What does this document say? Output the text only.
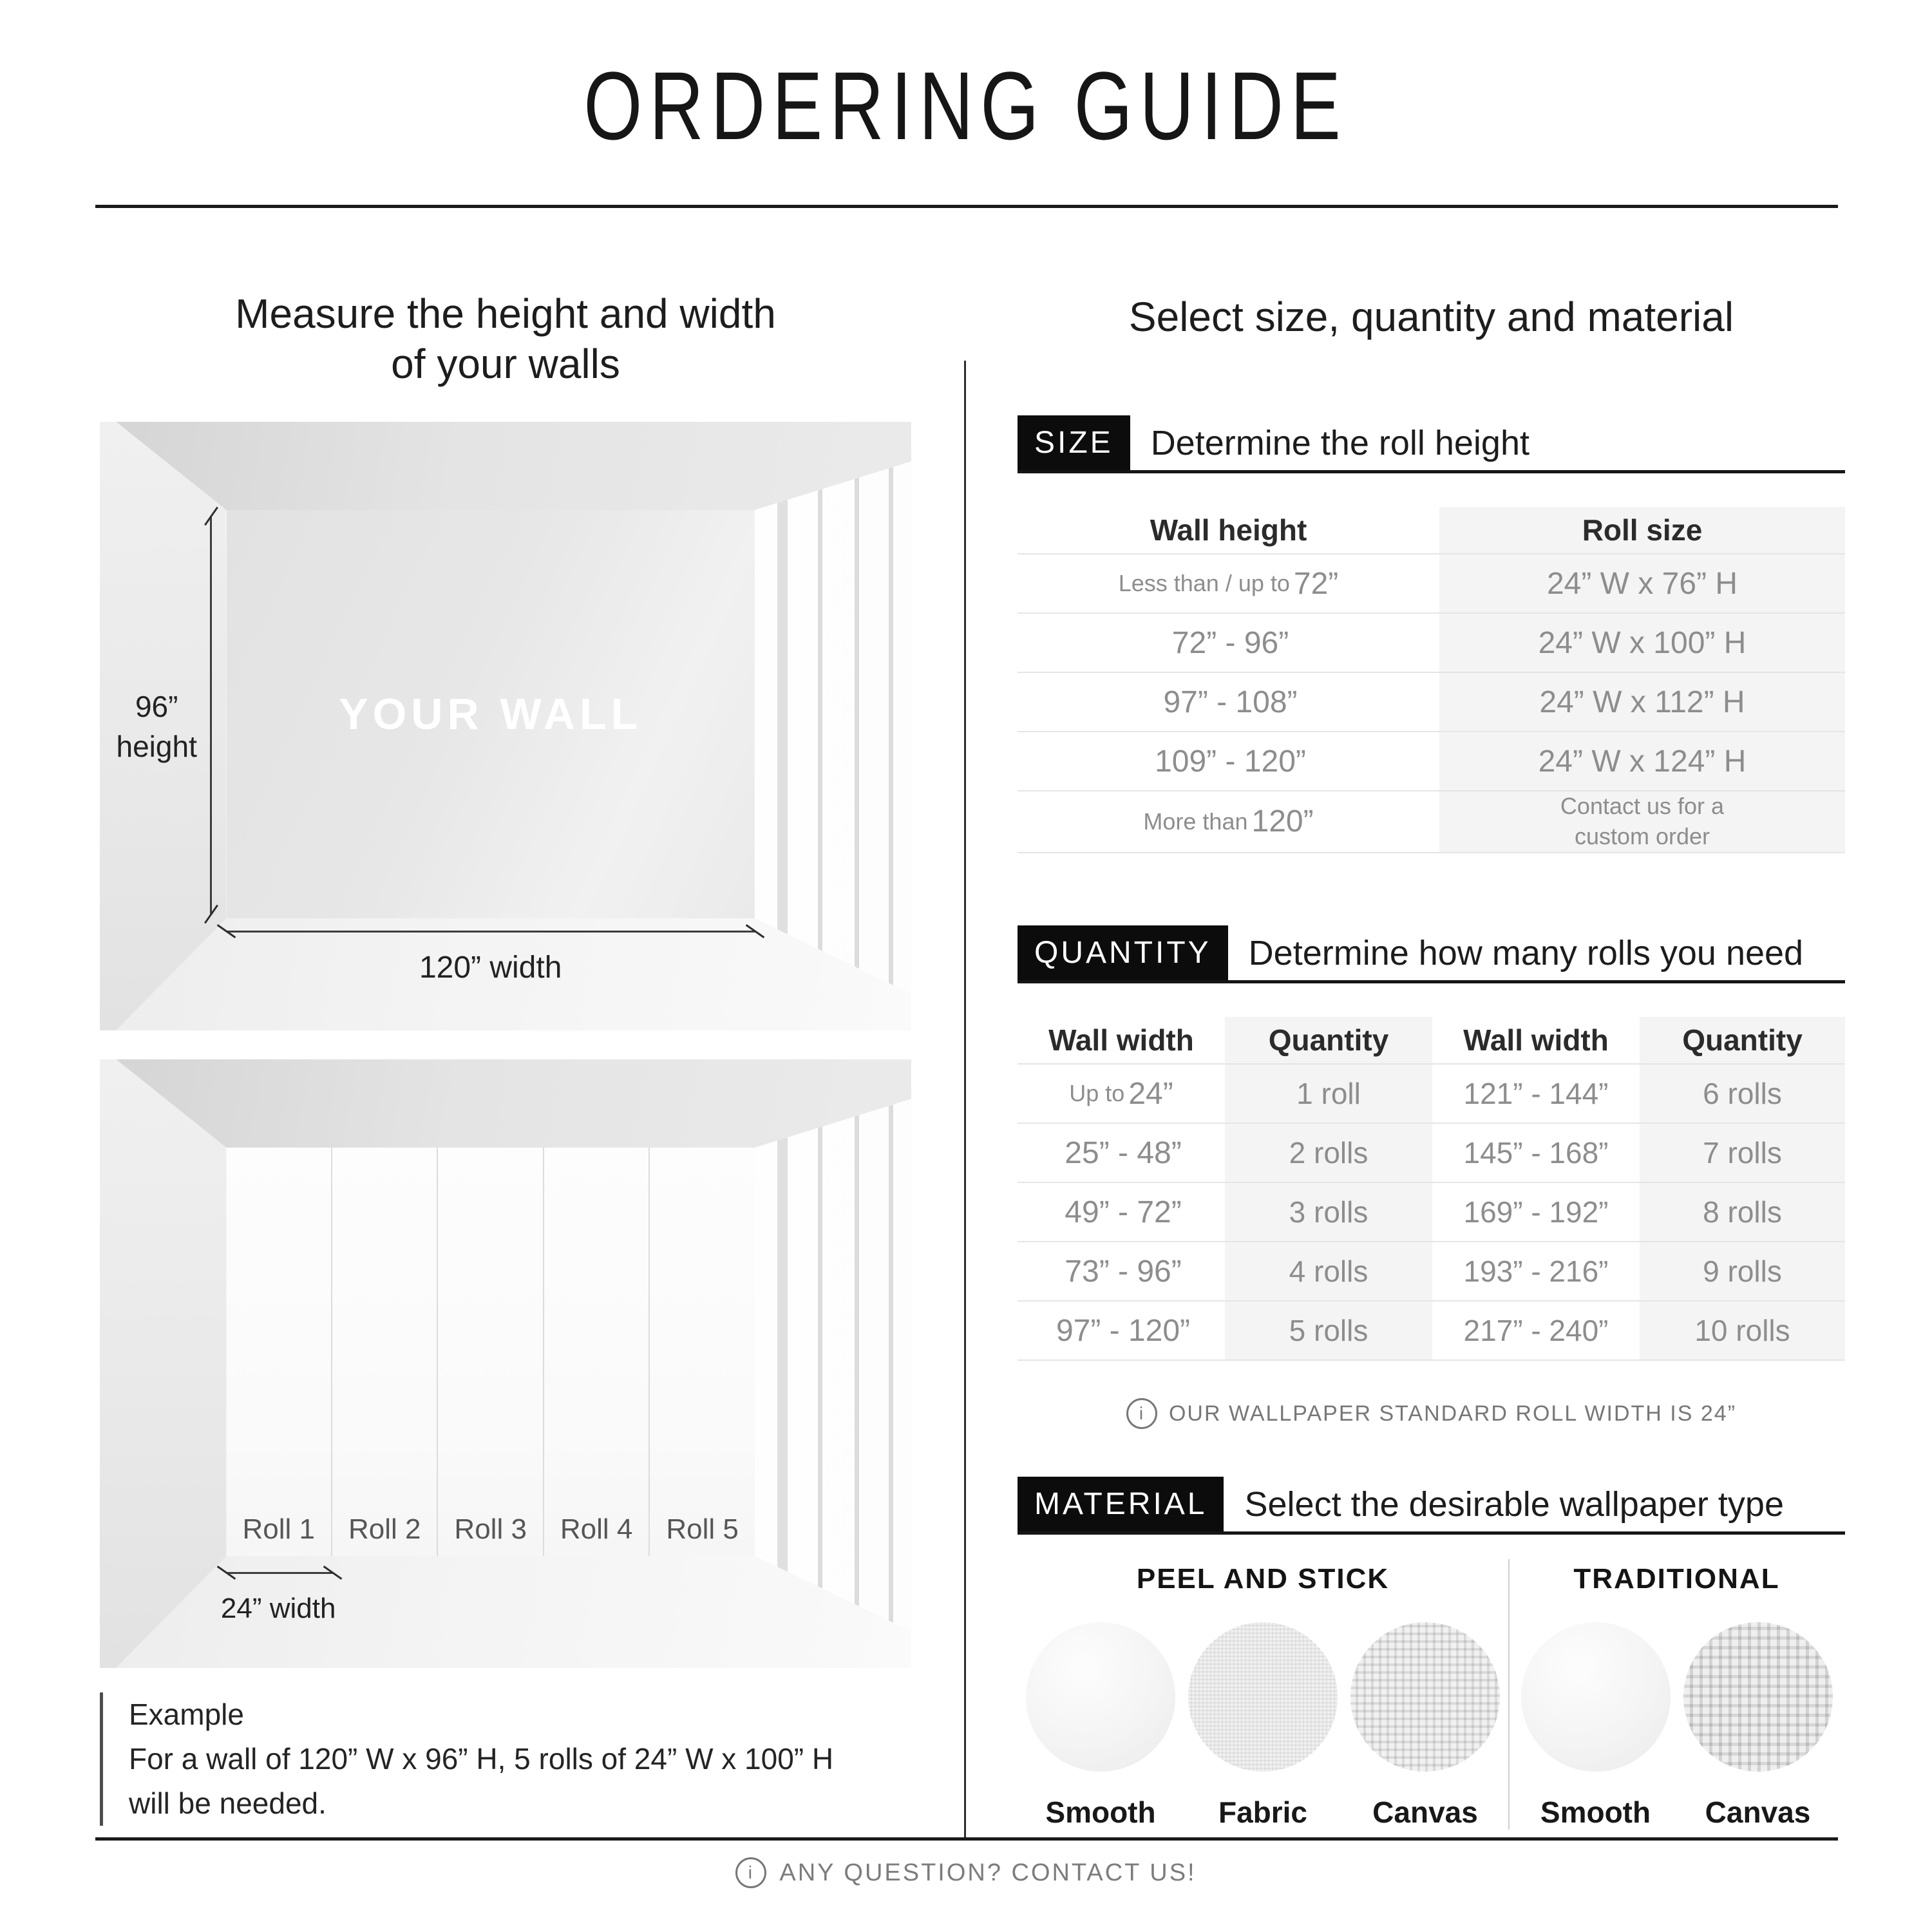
ORDERING GUIDE
Measure the height and width
of your walls
YOUR WALL
96”
height
120” width
Roll 1	Roll 2	Roll 3	Roll 4	Roll 5
24” width
Example
For a wall of 120” W x 96” H, 5 rolls of 24” W x 100” H
will be needed.
Select size, quantity and material
SIZE	Determine the roll height
Wall height	Roll size
Less than / up to 72”	24” W x 76” H
72” - 96”	24” W x 100” H
97” - 108”	24” W x 112” H
109” - 120”	24” W x 124” H
More than 120”	Contact us for a
custom order
QUANTITY	Determine how many rolls you need
Wall width	Quantity	Wall width	Quantity
Up to 24”	1 roll	121” - 144”	6 rolls
25” - 48”	2 rolls	145” - 168”	7 rolls
49” - 72”	3 rolls	169” - 192”	8 rolls
73” - 96”	4 rolls	193” - 216”	9 rolls
97” - 120”	5 rolls	217” - 240”	10 rolls
i	OUR WALLPAPER STANDARD ROLL WIDTH IS 24”
MATERIAL	Select the desirable wallpaper type
PEEL AND STICK
Smooth	Fabric	Canvas
TRADITIONAL
Smooth	Canvas
i	ANY QUESTION? CONTACT US!
